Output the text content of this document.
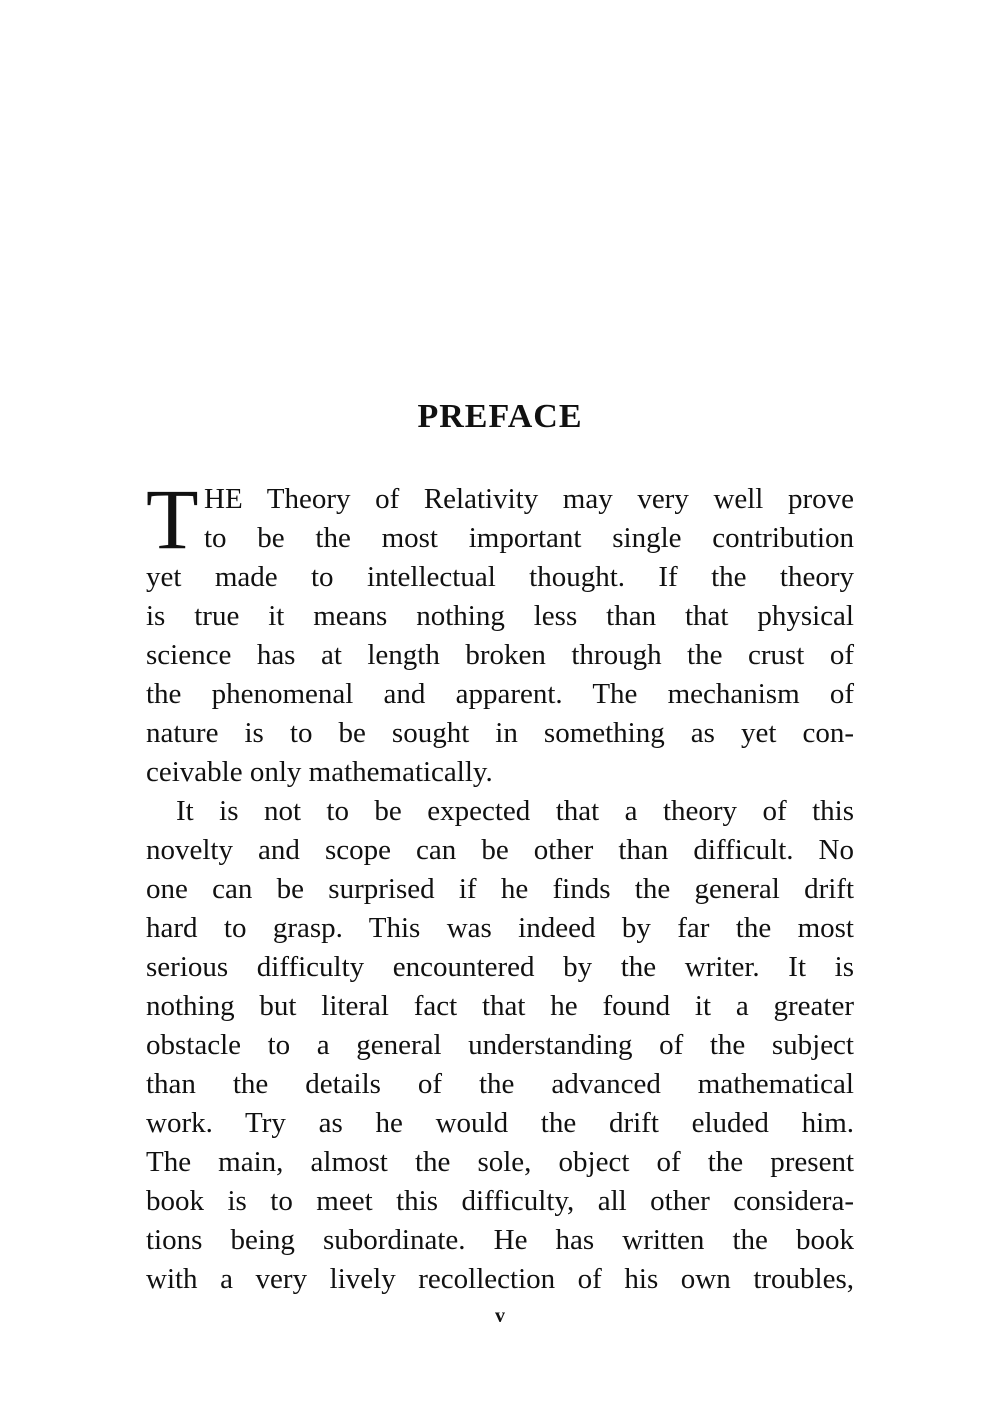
PREFACE
T HE Theory of Relativity may very well prove
to be the most important single contribution
yet made to intellectual thought. If the theory
is true it means nothing less than that physical
science has at length broken through the crust of
the phenomenal and apparent. The mechanism of
nature is to be sought in something as yet con-
ceivable only mathematically.
It is not to be expected that a theory of this
novelty and scope can be other than difficult. No
one can be surprised if he finds the general drift
hard to grasp. This was indeed by far the most
serious difficulty encountered by the writer. It is
nothing but literal fact that he found it a greater
obstacle to a general understanding of the subject
than the details of the advanced mathematical
work. Try as he would the drift eluded him.
The main, almost the sole, object of the present
book is to meet this difficulty, all other considera-
tions being subordinate. He has written the book
with a very lively recollection of his own troubles,
v
